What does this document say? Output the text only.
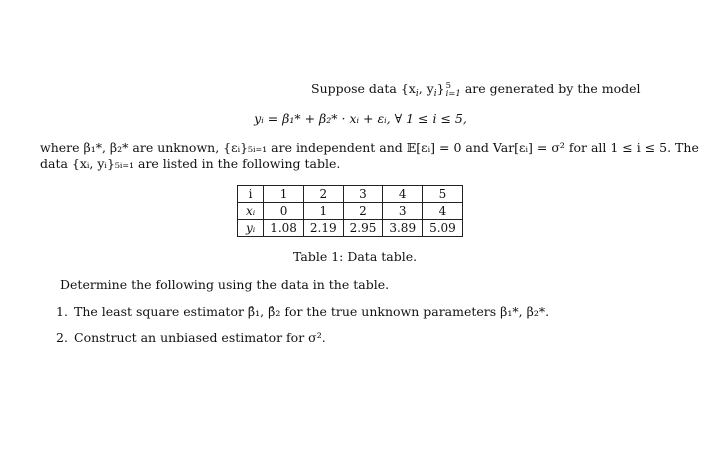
Suppose data {$x_i$, $y_i$} 5
i=1 are generated by the model
yᵢ = β₁* + β₂* · xᵢ + εᵢ, ∀ 1 ≤ i ≤ 5,
where β₁*, β₂* are unknown, {εᵢ}₅ᵢ₌₁ are independent and 𝔼[εᵢ] = 0 and Var[εᵢ] = σ² for all 1 ≤ i ≤ 5. The
data {xᵢ, yᵢ}₅ᵢ₌₁ are listed in the following table.
i	1	2	3	4	5
xᵢ	0	1	2	3	4
yᵢ	1.08	2.19	2.95	3.89	5.09
Table 1: Data table.
Determine the following using the data in the table.
1. The least square estimator β̂₁, β̂₂ for the true unknown parameters β₁*, β₂*.
2. Construct an unbiased estimator for σ².
